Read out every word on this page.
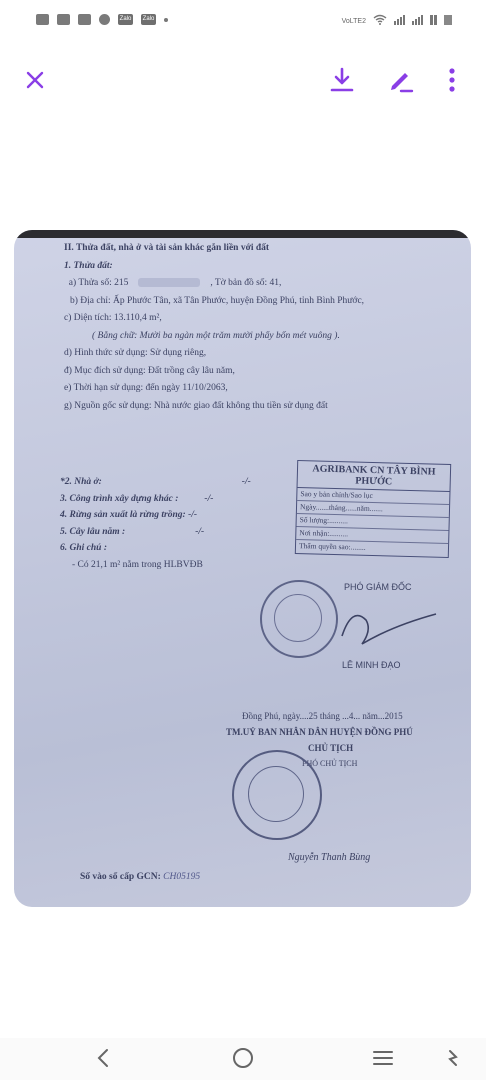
Zalo Zalo	VoLTE2
II. Thửa đất, nhà ở và tài sản khác gắn liền với đất
1. Thửa đất:
a) Thửa số: 215	, Tờ bản đồ số: 41,
b) Địa chỉ: Ấp Phước Tân, xã Tân Phước, huyện Đồng Phú, tỉnh Bình Phước,
c) Diện tích: 13.110,4 m²,
( Bằng chữ: Mười ba ngàn một trăm mười phẩy bốn mét vuông ).
d) Hình thức sử dụng: Sử dụng riêng,
đ) Mục đích sử dụng: Đất trồng cây lâu năm,
e) Thời hạn sử dụng: đến ngày 11/10/2063,
g) Nguồn gốc sử dụng: Nhà nước giao đất không thu tiền sử dụng đất
*2. Nhà ở:	-/-
3. Công trình xây dựng khác :	-/-
4. Rừng sản xuất là rừng trồng: -/-
5. Cây lâu năm :	-/-
6. Ghi chú :
- Có 21,1 m² nằm trong HLBVĐB
AGRIBANK CN TÂY BÌNH PHƯỚC
Sao y bản chính/Sao lục
Ngày.......tháng......năm.......
Số lượng:..........
Nơi nhận:..........
Thẩm quyền sao:........
PHÓ GIÁM ĐỐC
LÊ MINH ĐẠO
Đồng Phú, ngày....25 tháng ...4... năm...2015
TM.UỶ BAN NHÂN DÂN HUYỆN ĐỒNG PHÚ
CHỦ TỊCH
PHÓ CHỦ TỊCH
Nguyễn Thanh Bùng
Số vào sổ cấp GCN: CH05195
